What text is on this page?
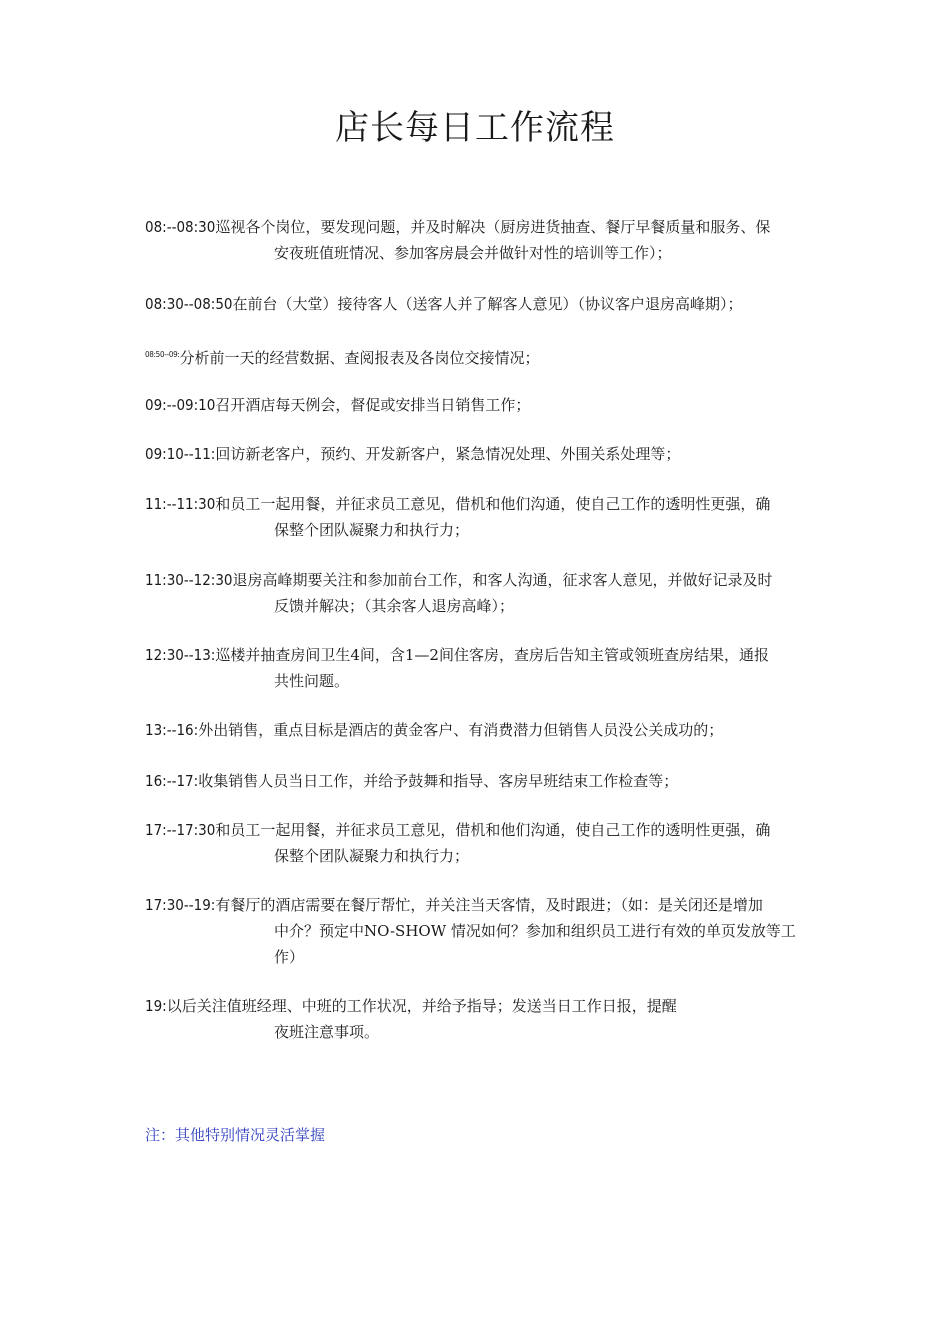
店长每日工作流程
08:--08:30巡视各个岗位，要发现问题，并及时解决（厨房进货抽查、餐厅早餐质量和服务、保
安夜班值班情况、参加客房晨会并做针对性的培训等工作）；
08:30--08:50在前台（大堂）接待客人（送客人并了解客人意见）（协议客户退房高峰期）；
$^{08:50--09:}$分析前一天的经营数据、查阅报表及各岗位交接情况；
09:--09:10召开酒店每天例会，督促或安排当日销售工作；
09:10--11:回访新老客户，预约、开发新客户，紧急情况处理、外围关系处理等；
11:--11:30和员工一起用餐，并征求员工意见，借机和他们沟通，使自己工作的透明性更强，确
保整个团队凝聚力和执行力；
11:30--12:30退房高峰期要关注和参加前台工作，和客人沟通，征求客人意见，并做好记录及时
反馈并解决；（其余客人退房高峰）；
12:30--13:巡楼并抽查房间卫生4间，含1—2间住客房，查房后告知主管或领班查房结果，通报
共性问题。
13:--16:外出销售，重点目标是酒店的黄金客户、有消费潜力但销售人员没公关成功的；
16:--17:收集销售人员当日工作，并给予鼓舞和指导、客房早班结束工作检查等；
17:--17:30和员工一起用餐，并征求员工意见，借机和他们沟通，使自己工作的透明性更强，确
保整个团队凝聚力和执行力；
17:30--19:有餐厅的酒店需要在餐厅帮忙，并关注当天客情，及时跟进；（如：是关闭还是增加
中介？预定中NO-SHOW 情况如何？参加和组织员工进行有效的单页发放等工
作）
19:以后关注值班经理、中班的工作状况，并给予指导；发送当日工作日报，提醒
夜班注意事项。
注：其他特别情况灵活掌握
